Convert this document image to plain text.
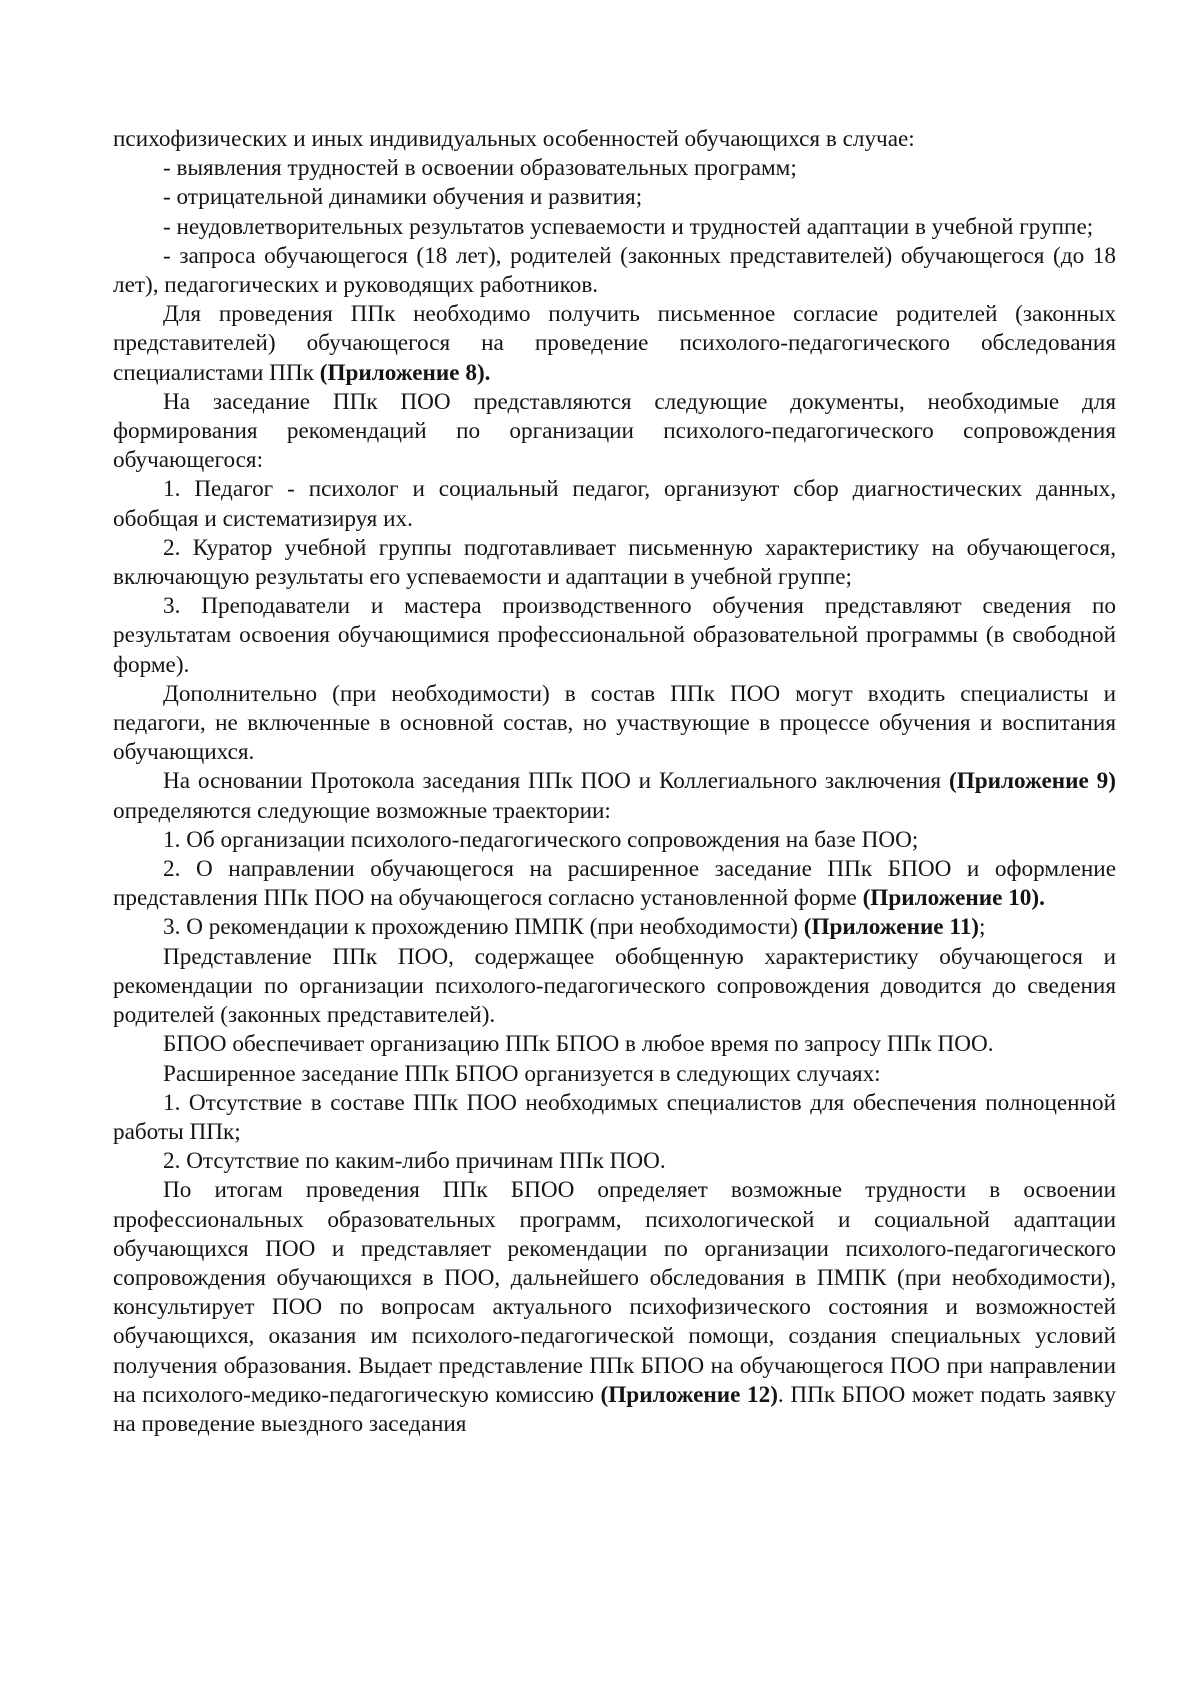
психофизических и иных индивидуальных особенностей обучающихся в случае:

- выявления трудностей в освоении образовательных программ;

- отрицательной динамики обучения и развития;

- неудовлетворительных результатов успеваемости и трудностей адаптации в учебной группе;

- запроса обучающегося (18 лет), родителей (законных представителей) обучающегося (до 18 лет), педагогических и руководящих работников.

Для проведения ППк необходимо получить письменное согласие родителей (законных представителей) обучающегося на проведение психолого-педагогического обследования специалистами ППк (Приложение 8).

На заседание ППк ПОО представляются следующие документы, необходимые для формирования рекомендаций по организации психолого-педагогического сопровождения обучающегося:

1. Педагог - психолог и социальный педагог, организуют сбор диагностических данных, обобщая и систематизируя их.

2. Куратор учебной группы подготавливает письменную характеристику на обучающегося, включающую результаты его успеваемости и адаптации в учебной группе;

3. Преподаватели и мастера производственного обучения представляют сведения по результатам освоения обучающимися профессиональной образовательной программы (в свободной форме).

Дополнительно (при необходимости) в состав ППк ПОО могут входить специалисты и педагоги, не включенные в основной состав, но участвующие в процессе обучения и воспитания обучающихся.

На основании Протокола заседания ППк ПОО и Коллегиального заключения (Приложение 9) определяются следующие возможные траектории:

1. Об организации психолого-педагогического сопровождения на базе ПОО;

2. О направлении обучающегося на расширенное заседание ППк БПОО и оформление представления ППк ПОО на обучающегося согласно установленной форме (Приложение 10).

3. О рекомендации к прохождению ПМПК (при необходимости) (Приложение 11);

Представление ППк ПОО, содержащее обобщенную характеристику обучающегося и рекомендации по организации психолого-педагогического сопровождения доводится до сведения родителей (законных представителей).

БПОО обеспечивает организацию ППк БПОО в любое время по запросу ППк ПОО.

Расширенное заседание ППк БПОО организуется в следующих случаях:

1. Отсутствие в составе ППк ПОО необходимых специалистов для обеспечения полноценной работы ППк;

2. Отсутствие по каким-либо причинам ППк ПОО.

По итогам проведения ППк БПОО определяет возможные трудности в освоении профессиональных образовательных программ, психологической и социальной адаптации обучающихся ПОО и представляет рекомендации по организации психолого-педагогического сопровождения обучающихся в ПОО, дальнейшего обследования в ПМПК (при необходимости), консультирует ПОО по вопросам актуального психофизического состояния и возможностей обучающихся, оказания им психолого-педагогической помощи, создания специальных условий получения образования. Выдает представление ППк БПОО на обучающегося ПОО при направлении на психолого-медико-педагогическую комиссию (Приложение 12). ППк БПОО может подать заявку на проведение выездного заседания
